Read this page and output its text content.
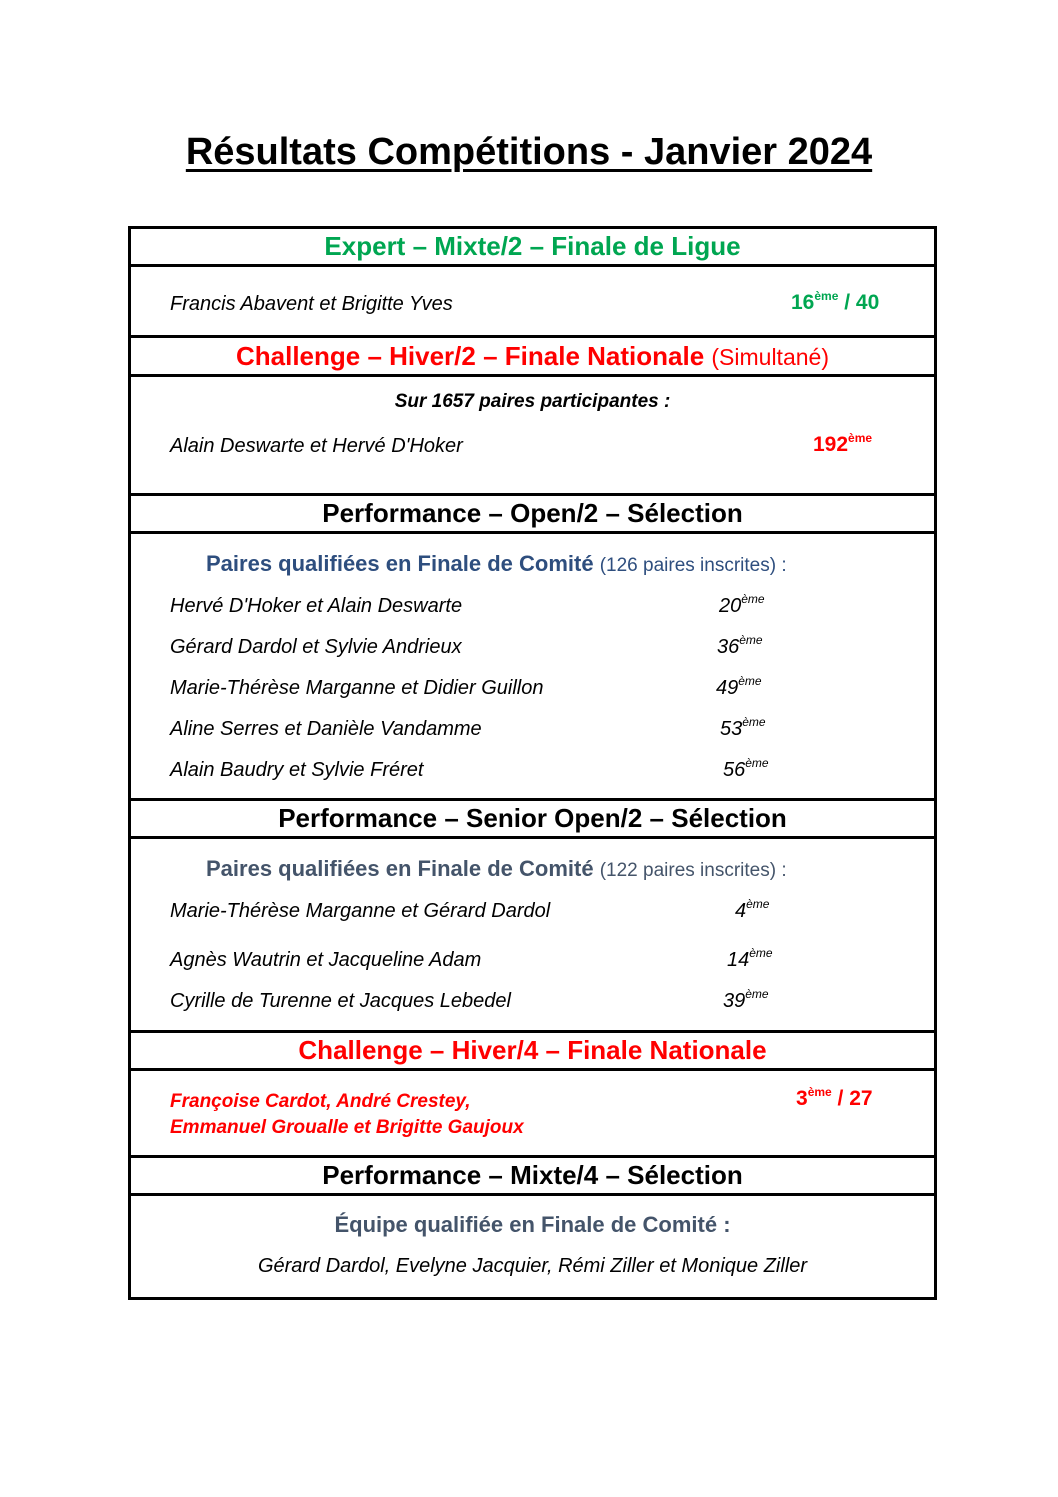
Résultats Compétitions - Janvier 2024
Expert – Mixte/2 – Finale de Ligue
Francis Abavent et Brigitte Yves	16ème / 40
Challenge – Hiver/2 – Finale Nationale (Simultané)
Sur 1657 paires participantes :
Alain Deswarte et Hervé D'Hoker	192ème
Performance – Open/2 – Sélection
Paires qualifiées en Finale de Comité (126 paires inscrites) :
Hervé D'Hoker et Alain Deswarte	20ème
Gérard Dardol et Sylvie Andrieux	36ème
Marie-Thérèse Marganne et Didier Guillon	49ème
Aline Serres et Danièle Vandamme	53ème
Alain Baudry et Sylvie Fréret	56ème
Performance – Senior Open/2 – Sélection
Paires qualifiées en Finale de Comité (122 paires inscrites) :
Marie-Thérèse Marganne et Gérard Dardol	4ème
Agnès Wautrin et Jacqueline Adam	14ème
Cyrille de Turenne et Jacques Lebedel	39ème
Challenge – Hiver/4 – Finale Nationale
Françoise Cardot, André Crestey,
Emmanuel Groualle et Brigitte Gaujoux
3ème / 27
Performance – Mixte/4 – Sélection
Équipe qualifiée en Finale de Comité :
Gérard Dardol, Evelyne Jacquier, Rémi Ziller et Monique Ziller
